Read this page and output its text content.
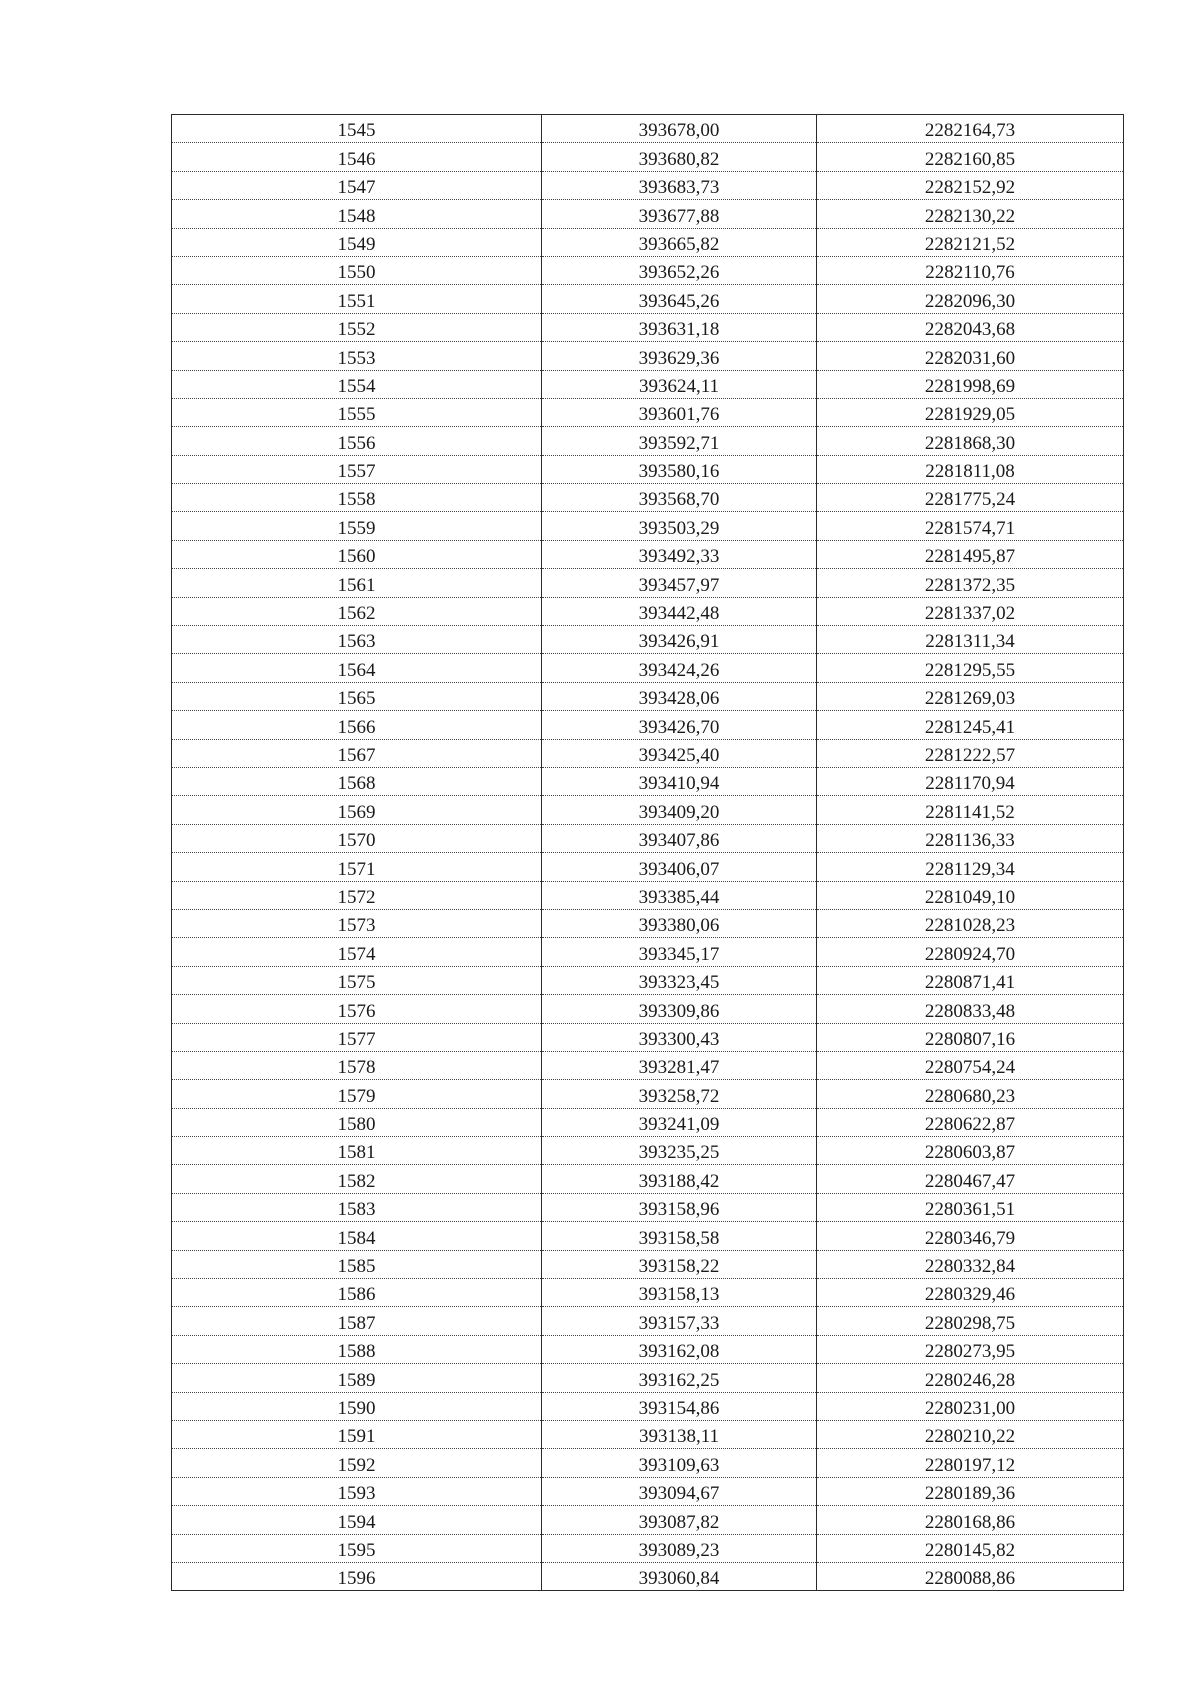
1545	393678,00	2282164,73
1546	393680,82	2282160,85
1547	393683,73	2282152,92
1548	393677,88	2282130,22
1549	393665,82	2282121,52
1550	393652,26	2282110,76
1551	393645,26	2282096,30
1552	393631,18	2282043,68
1553	393629,36	2282031,60
1554	393624,11	2281998,69
1555	393601,76	2281929,05
1556	393592,71	2281868,30
1557	393580,16	2281811,08
1558	393568,70	2281775,24
1559	393503,29	2281574,71
1560	393492,33	2281495,87
1561	393457,97	2281372,35
1562	393442,48	2281337,02
1563	393426,91	2281311,34
1564	393424,26	2281295,55
1565	393428,06	2281269,03
1566	393426,70	2281245,41
1567	393425,40	2281222,57
1568	393410,94	2281170,94
1569	393409,20	2281141,52
1570	393407,86	2281136,33
1571	393406,07	2281129,34
1572	393385,44	2281049,10
1573	393380,06	2281028,23
1574	393345,17	2280924,70
1575	393323,45	2280871,41
1576	393309,86	2280833,48
1577	393300,43	2280807,16
1578	393281,47	2280754,24
1579	393258,72	2280680,23
1580	393241,09	2280622,87
1581	393235,25	2280603,87
1582	393188,42	2280467,47
1583	393158,96	2280361,51
1584	393158,58	2280346,79
1585	393158,22	2280332,84
1586	393158,13	2280329,46
1587	393157,33	2280298,75
1588	393162,08	2280273,95
1589	393162,25	2280246,28
1590	393154,86	2280231,00
1591	393138,11	2280210,22
1592	393109,63	2280197,12
1593	393094,67	2280189,36
1594	393087,82	2280168,86
1595	393089,23	2280145,82
1596	393060,84	2280088,86
